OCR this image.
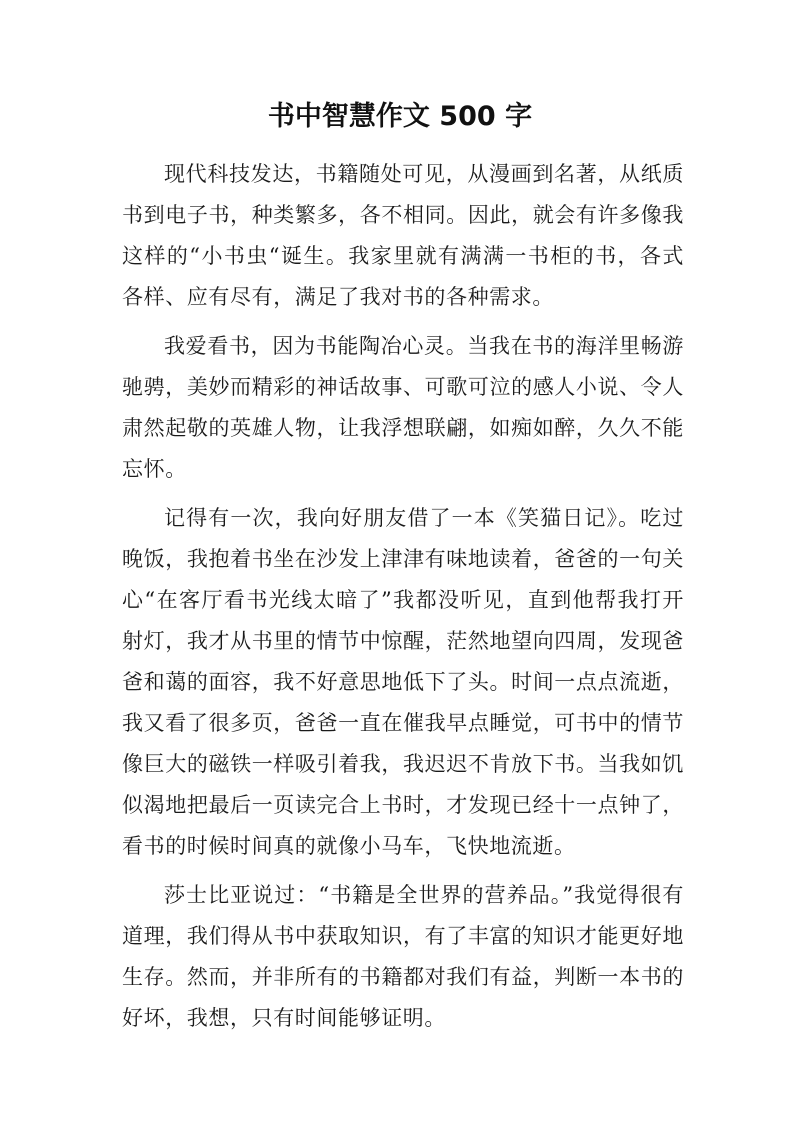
书中智慧作文 500 字

现代科技发达，书籍随处可见，从漫画到名著，从纸质书到电子书，种类繁多，各不相同。因此，就会有许多像我这样的“小书虫“诞生。我家里就有满满一书柜的书，各式各样、应有尽有，满足了我对书的各种需求。

我爱看书，因为书能陶冶心灵。当我在书的海洋里畅游驰骋，美妙而精彩的神话故事、可歌可泣的感人小说、令人肃然起敬的英雄人物，让我浮想联翩，如痴如醉，久久不能忘怀。

记得有一次，我向好朋友借了一本《笑猫日记》。吃过晚饭，我抱着书坐在沙发上津津有味地读着，爸爸的一句关心“在客厅看书光线太暗了”我都没听见，直到他帮我打开射灯，我才从书里的情节中惊醒，茫然地望向四周，发现爸爸和蔼的面容，我不好意思地低下了头。时间一点点流逝，我又看了很多页，爸爸一直在催我早点睡觉，可书中的情节像巨大的磁铁一样吸引着我，我迟迟不肯放下书。当我如饥似渴地把最后一页读完合上书时，才发现已经十一点钟了，看书的时候时间真的就像小马车，飞快地流逝。

莎士比亚说过：“书籍是全世界的营养品。”我觉得很有道理，我们得从书中获取知识，有了丰富的知识才能更好地生存。然而，并非所有的书籍都对我们有益，判断一本书的好坏，我想，只有时间能够证明。
